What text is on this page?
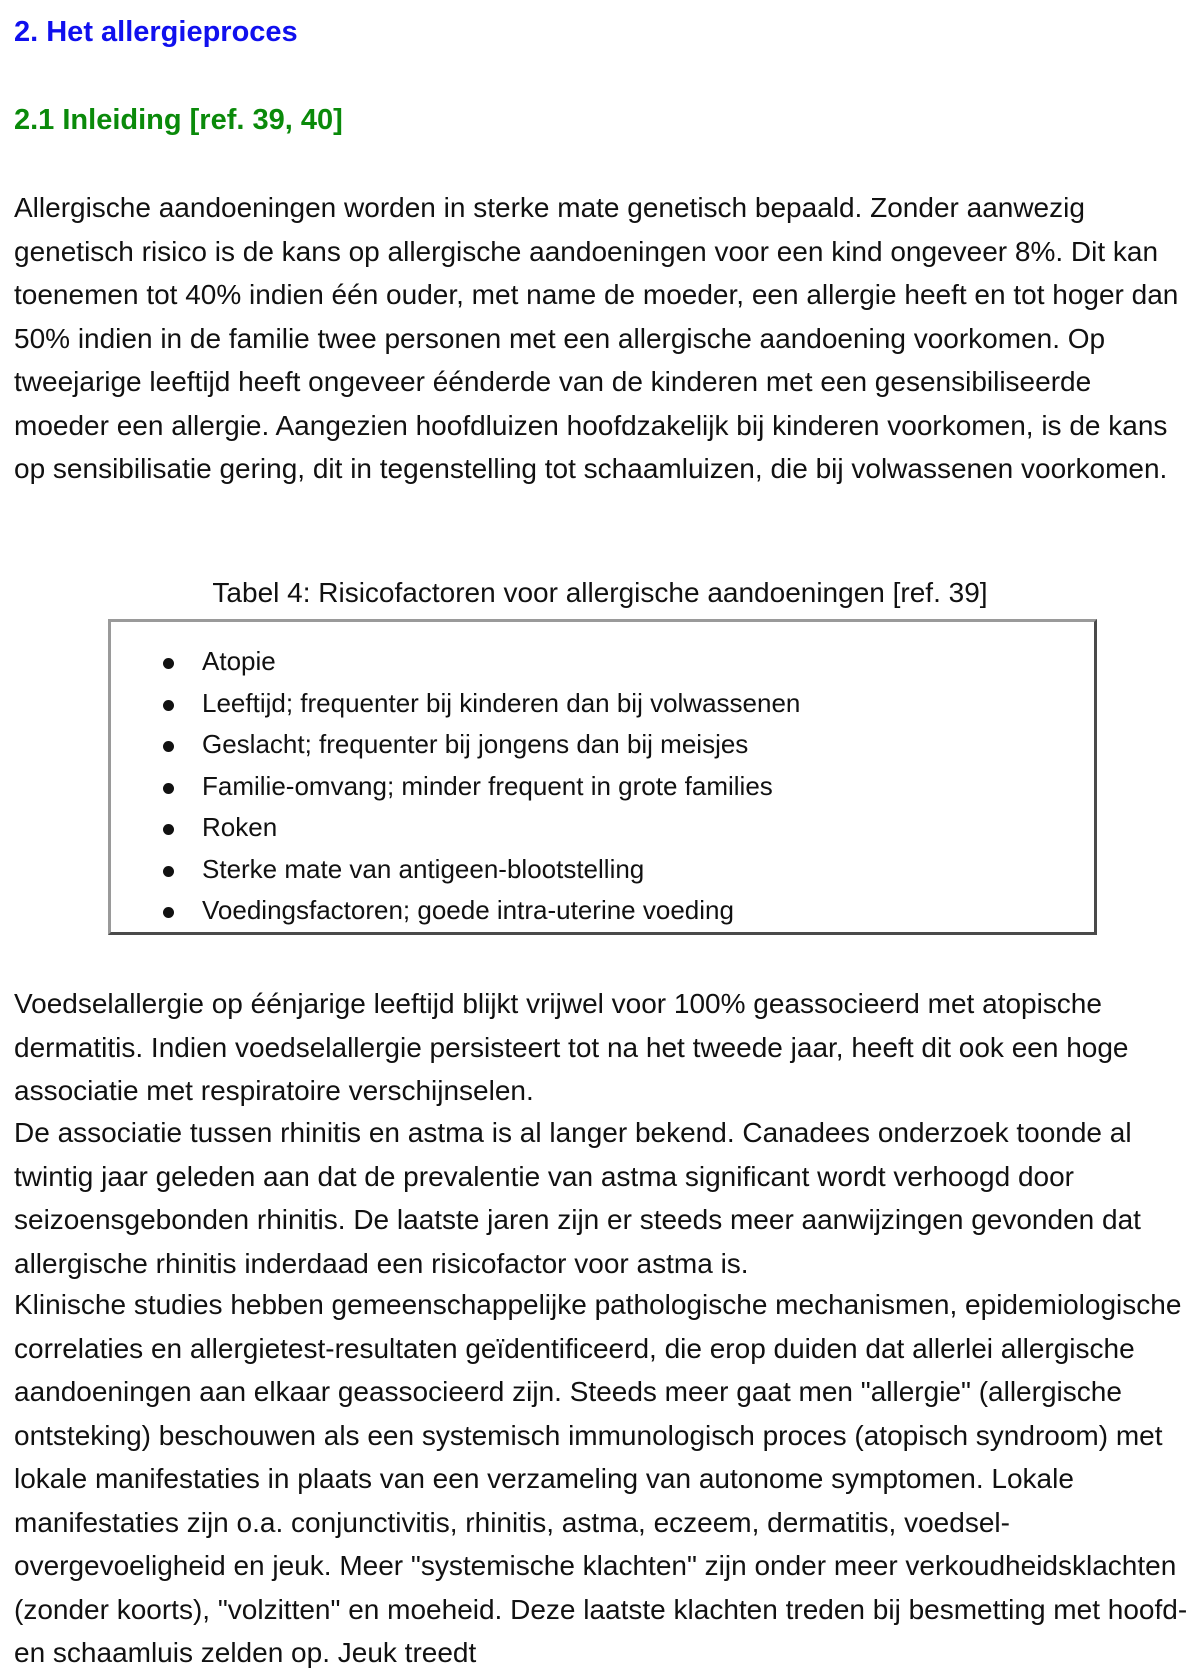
2. Het allergieproces
2.1 Inleiding [ref. 39, 40]

Allergische aandoeningen worden in sterke mate genetisch bepaald. Zonder aanwezig genetisch risico is de kans op allergische aandoeningen voor een kind ongeveer 8%. Dit kan toenemen tot 40% indien één ouder, met name de moeder, een allergie heeft en tot hoger dan 50% indien in de familie twee personen met een allergische aandoening voorkomen. Op tweejarige leeftijd heeft ongeveer éénderde van de kinderen met een gesensibiliseerde moeder een allergie. Aangezien hoofdluizen hoofdzakelijk bij kinderen voorkomen, is de kans op sensibilisatie gering, dit in tegenstelling tot schaamluizen, die bij volwassenen voorkomen.

Tabel 4: Risicofactoren voor allergische aandoeningen [ref. 39]

Atopie
Leeftijd; frequenter bij kinderen dan bij volwassenen
Geslacht; frequenter bij jongens dan bij meisjes
Familie-omvang; minder frequent in grote families
Roken
Sterke mate van antigeen-blootstelling
Voedingsfactoren; goede intra-uterine voeding

Voedselallergie op éénjarige leeftijd blijkt vrijwel voor 100% geassocieerd met atopische dermatitis. Indien voedselallergie persisteert tot na het tweede jaar, heeft dit ook een hoge associatie met respiratoire verschijnselen.

De associatie tussen rhinitis en astma is al langer bekend. Canadees onderzoek toonde al twintig jaar geleden aan dat de prevalentie van astma significant wordt verhoogd door seizoensgebonden rhinitis. De laatste jaren zijn er steeds meer aanwijzingen gevonden dat allergische rhinitis inderdaad een risicofactor voor astma is.

Klinische studies hebben gemeenschappelijke pathologische mechanismen, epidemiologische correlaties en allergietest-resultaten geïdentificeerd, die erop duiden dat allerlei allergische aandoeningen aan elkaar geassocieerd zijn. Steeds meer gaat men "allergie" (allergische ontsteking) beschouwen als een systemisch immunologisch proces (atopisch syndroom) met lokale manifestaties in plaats van een verzameling van autonome symptomen. Lokale manifestaties zijn o.a. conjunctivitis, rhinitis, astma, eczeem, dermatitis, voedsel-overgevoeligheid en jeuk. Meer "systemische klachten" zijn onder meer verkoudheidsklachten (zonder koorts), "volzitten" en moeheid. Deze laatste klachten treden bij besmetting met hoofd- en schaamluis zelden op. Jeuk treedt
